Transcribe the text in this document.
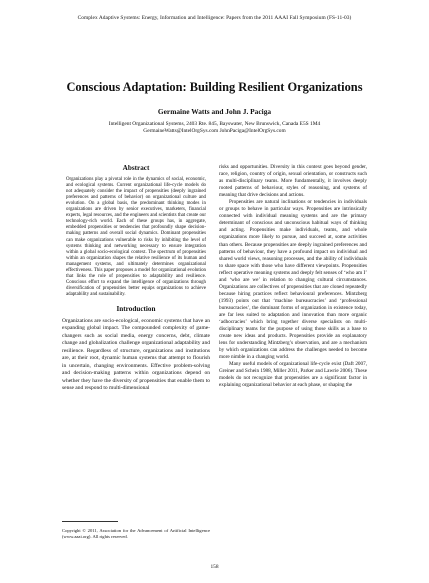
Complex Adaptive Systems: Energy, Information and Intelligence: Papers from the 2011 AAAI Fall Symposium (FS-11-03)
Conscious Adaptation: Building Resilient Organizations
Germaine Watts and John J. Paciga
Intelligent Organizational Systems, 2403 Rte. 845, Bayswater, New Brunswick, Canada E5S 1M4
GermaineWatts@IntelOrgSys.com JohnPaciga@IntelOrgSys.com
Abstract
Organizations play a pivotal role in the dynamics of social, economic, and ecological systems. Current organizational life-cycle models do not adequately consider the impact of propensities (deeply ingrained preferences and patterns of behavior) on organizational culture and evolution. On a global basis, the predominant thinking modes in organizations are driven by senior executives, marketers, financial experts, legal resources, and the engineers and scientists that create our technology-rich world. Each of these groups has, in aggregate, embedded propensities or tendencies that profoundly shape decision-making patterns and overall social dynamics. Dominant propensities can make organizations vulnerable to risks by inhibiting the level of systems thinking and networking necessary to ensure integration within a global socio-ecological context. The spectrum of propensities within an organization shapes the relative resilience of its human and management systems, and ultimately determines organizational effectiveness. This paper proposes a model for organizational evolution that links the role of propensities to adaptability and resilience. Conscious effort to expand the intelligence of organizations through diversification of propensities better equips organizations to achieve adaptability and sustainability.
Introduction
Organizations are socio-ecological, economic systems that have an expanding global impact. The compounded complexity of game-changers such as social media, energy concerns, debt, climate change and globalization challenge organizational adaptability and resilience. Regardless of structure, organizations and institutions are, at their root, dynamic human systems that attempt to flourish in uncertain, changing environments. Effective problem-solving and decision-making patterns within organizations depend on whether they have the diversity of propensities that enable them to sense and respond to multi-dimensional
Copyright © 2011, Association for the Advancement of Artificial Intelligence (www.aaai.org). All rights reserved.

risks and opportunities. Diversity in this context goes beyond gender, race, religion, country of origin, sexual orientation, or constructs such as multi-disciplinary teams. More fundamentally, it involves deeply rooted patterns of behaviour, styles of reasoning, and systems of meaning that drive decisions and actions.

Propensities are natural inclinations or tendencies in individuals or groups to behave in particular ways. Propensities are intrinsically connected with individual meaning systems and are the primary determinant of conscious and unconscious habitual ways of thinking and acting. Propensities make individuals, teams, and whole organizations more likely to pursue, and succeed at, some activities than others. Because propensities are deeply ingrained preferences and patterns of behaviour, they have a profound impact on individual and shared world views, reasoning processes, and the ability of individuals to share space with those who have different viewpoints. Propensities reflect operative meaning systems and deeply felt senses of ‘who am I’ and ‘who are we’ in relation to changing cultural circumstances. Organizations are collectives of propensities that are cloned repeatedly because hiring practices reflect behavioural preferences. Mintzberg (1993) points out that ‘machine bureaucracies’ and ‘professional bureaucracies’, the dominant forms of organization in existence today, are far less suited to adaptation and innovation than more organic ‘adhocracies’ which bring together diverse specialists on multi-disciplinary teams for the purpose of using those skills as a base to create new ideas and products. Propensities provide an explanatory lens for understanding Mintzberg’s observation, and are a mechanism by which organizations can address the challenges needed to become more nimble in a changing world.

Many useful models of organizational life-cycle exist (Daft 2007, Greiner and Schein 1988, Miller 2011, Parker and Lawrie 2006). These models do not recognize that propensities are a significant factor in explaining organizational behavior at each phase, or shaping the

158
